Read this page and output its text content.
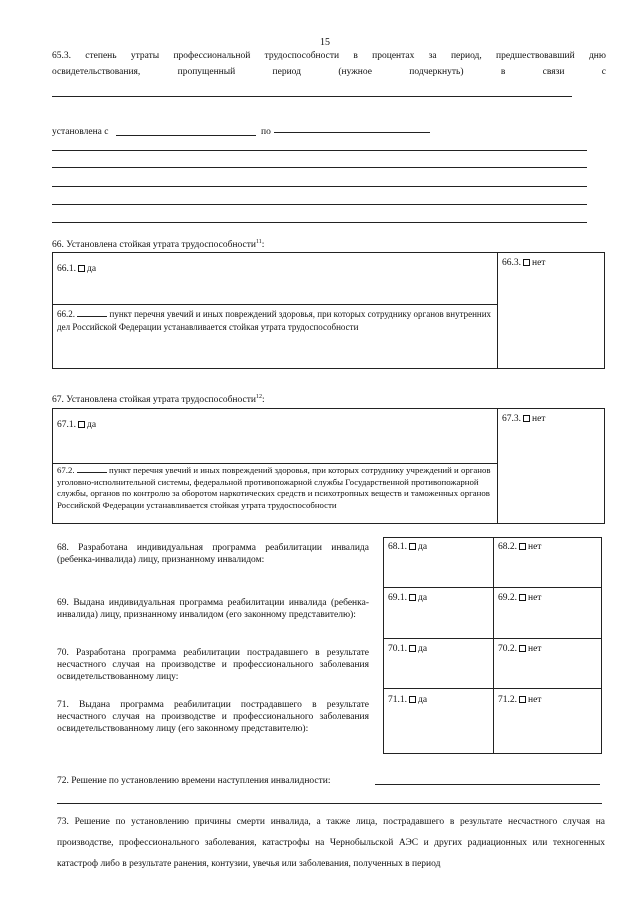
15
65.3. степень утраты профессиональной трудоспособности в процентах за период, предшествовавший дню
освидетельствования, пропущенный период (нужное подчеркнуть) в связи с
установлена с	по
66. Установлена стойкая утрата трудоспособности$^{11}$:
66.1. да
66.3. нет
66.2.	пункт перечня увечий и иных повреждений здоровья, при которых сотруднику органов внутренних дел Российской Федерации устанавливается стойкая утрата трудоспособности
67. Установлена стойкая утрата трудоспособности$^{12}$:
67.1. да
67.3. нет
67.2.	пункт перечня увечий и иных повреждений здоровья, при которых сотруднику учреждений и органов уголовно-исполнительной системы, федеральной противопожарной службы Государственной противопожарной службы, органов по контролю за оборотом наркотических средств и психотропных веществ и таможенных органов Российской Федерации устанавливается стойкая утрата трудоспособности
68. Разработана индивидуальная программа реабилитации инвалида (ребенка-инвалида) лицу, признанному инвалидом:
68.1. да	68.2. нет
69. Выдана индивидуальная программа реабилитации инвалида (ребенка-инвалида) лицу, признанному инвалидом (его законному представителю):
69.1. да	69.2. нет
70. Разработана программа реабилитации пострадавшего в результате несчастного случая на производстве и профессионального заболевания освидетельствованному лицу:
70.1. да	70.2. нет
71. Выдана программа реабилитации пострадавшего в результате несчастного случая на производстве и профессионального заболевания освидетельствованному лицу (его законному представителю):
71.1. да	71.2. нет
72. Решение по установлению времени наступления инвалидности:
73. Решение по установлению причины смерти инвалида, а также лица, пострадавшего в результате несчастного случая на производстве, профессионального заболевания, катастрофы на Чернобыльской АЭС и других радиационных или техногенных катастроф либо в результате ранения, контузии, увечья или заболевания, полученных в период
